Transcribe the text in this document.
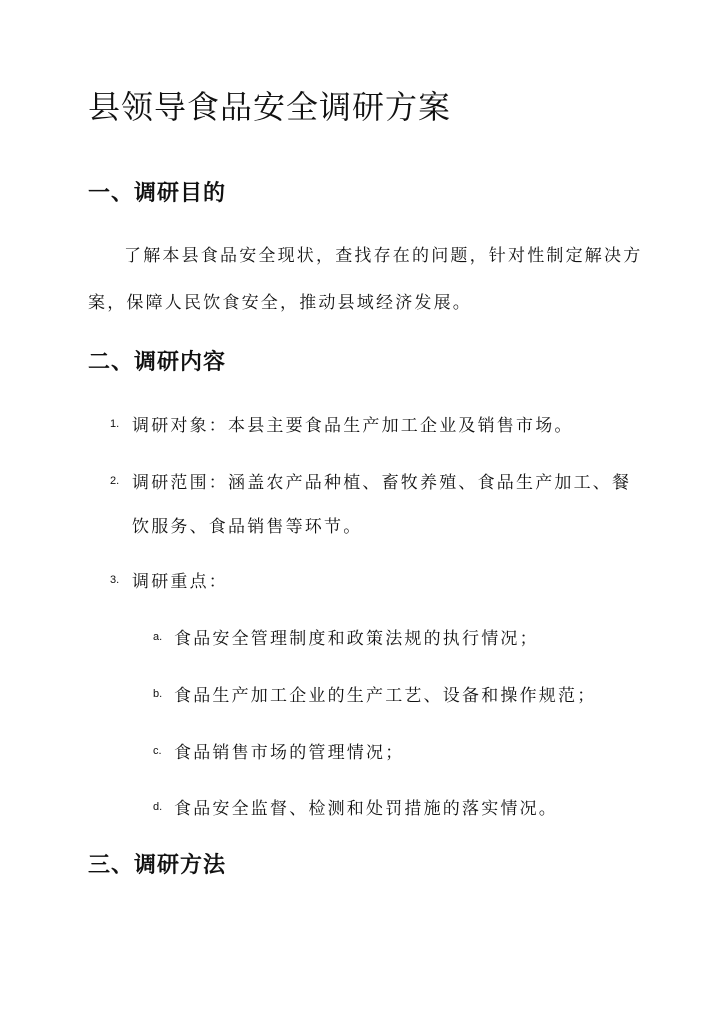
县领导食品安全调研方案
一、调研目的

了解本县食品安全现状，查找存在的问题，针对性制定解决方

案，保障人民饮食安全，推动县域经济发展。

二、调研内容
1. 调研对象：本县主要食品生产加工企业及销售市场。
2. 调研范围：涵盖农产品种植、畜牧养殖、食品生产加工、餐
饮服务、食品销售等环节。
3. 调研重点：
a. 食品安全管理制度和政策法规的执行情况；
b. 食品生产加工企业的生产工艺、设备和操作规范；
c. 食品销售市场的管理情况；
d. 食品安全监督、检测和处罚措施的落实情况。
三、调研方法
